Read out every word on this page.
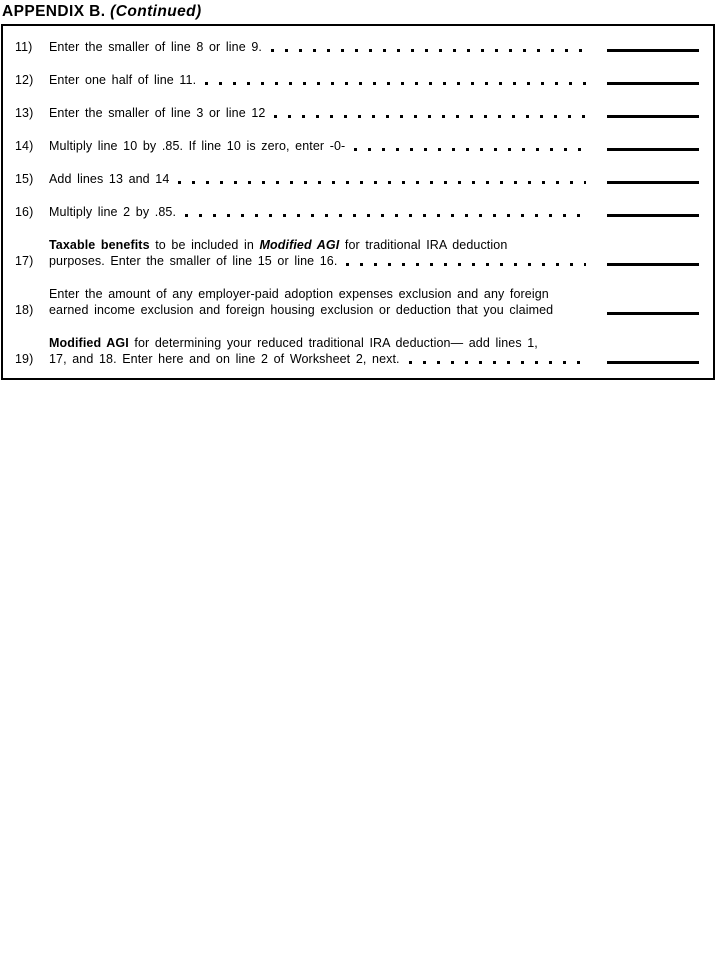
APPENDIX B. (Continued)
11)	Enter the smaller of line 8 or line 9.
12)	Enter one half of line 11.
13)	Enter the smaller of line 3 or line 12
14)	Multiply line 10 by .85. If line 10 is zero, enter -0-
15)	Add lines 13 and 14
16)	Multiply line 2 by .85.
17)
Taxable benefits to be included in Modified AGI for traditional IRA deduction
purposes. Enter the smaller of line 15 or line 16.
18)
Enter the amount of any employer-paid adoption expenses exclusion and any foreign
earned income exclusion and foreign housing exclusion or deduction that you claimed
19)
Modified AGI for determining your reduced traditional IRA deduction— add lines 1,
17, and 18. Enter here and on line 2 of Worksheet 2, next.
